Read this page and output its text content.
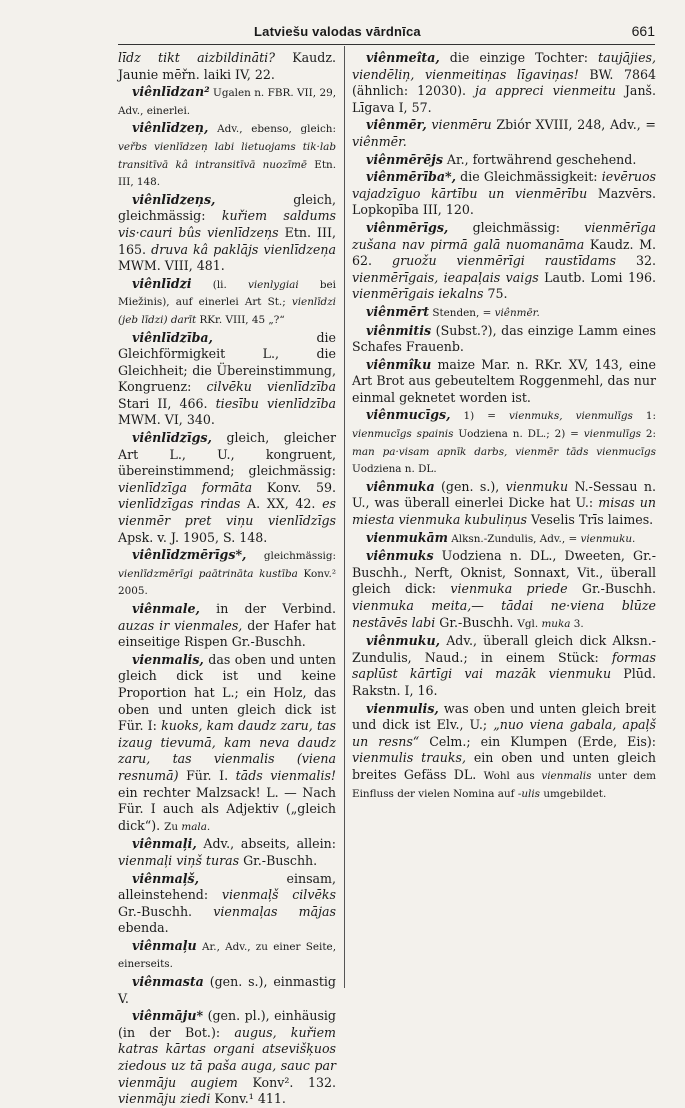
Latviešu valodas vārdnīca	661
līdz tikt aizbildināti? Kaudz. Jaunie mēřn. laiki IV, 22.
viênlīdzan² Ugalen n. FBR. VII, 29, Adv., einerlei.
viênlīdzeņ, Adv., ebenso, gleich: veřbs vienlīdzeņ labi lietuojams tik·lab transitīvā kâ intransitīvā nuozīmē Etn. III, 148.
viênlīdzeņs, gleich, gleichmässig: kuřiem saldums vis·cauri bûs vienlīdzeņs Etn. III, 165. druva kâ paklājs vienlīdzeņa MWM. VIII, 481.
viênlīdzi (li. vienlygiai bei Miežinis), auf einerlei Art St.; vienlīdzi (jeb līdzi) darīt RKr. VIII, 45 „?“
viênlīdzība, die Gleichförmigkeit L., die Gleichheit; die Übereinstimmung, Kongruenz: cilvēku vienlīdzība Stari II, 466. tiesību vienlīdzība MWM. VI, 340.
viênlīdzīgs, gleich, gleicher Art L., U., kongruent, übereinstimmend; gleichmässig: vienlīdzīga formāta Konv. 59. vienlīdzīgas rindas A. XX, 42. es vienmēr pret viņu vienlīdzīgs Apsk. v. J. 1905, S. 148.
viênlīdzmērīgs*, gleichmässig: vienlīdzmērīgi paātrināta kustība Konv.² 2005.
viênmale, in der Verbind. auzas ir vienmales, der Hafer hat einseitige Rispen Gr.-Buschh.
vienmalis, das oben und unten gleich dick ist und keine Proportion hat L.; ein Holz, das oben und unten gleich dick ist Für. I: kuoks, kam daudz zaru, tas izaug tievumā, kam neva daudz zaru, tas vienmalis (viena resnumā) Für. I. tāds vienmalis! ein rechter Malzsack! L. — Nach Für. I auch als Adjektiv („gleich dick“). Zu mala.
viênmaļi, Adv., abseits, allein: vienmaļi viņš turas Gr.-Buschh.
viênmaļš, einsam, alleinstehend: vienmaļš cilvēks Gr.-Buschh. vienmaļas mājas ebenda.
viênmaļu Ar., Adv., zu einer Seite, einerseits.
viênmasta (gen. s.), einmastig V.
viênmāju* (gen. pl.), einhäusig (in der Bot.): augus, kuřiem katras kārtas organi atsevišķuos ziedous uz tā paša auga, sauc par vienmāju augiem Konv². 132. vienmāju ziedi Konv.¹ 411.
viênmeîta, die einzige Tochter: taujājies, viendēliņ, vienmeitiņas līgaviņas! BW. 7864 (ähnlich: 12030). ja appreci vienmeitu Janš. Līgava I, 57.
viênmēr, vienmēru Zbiór XVIII, 248, Adv., = viênmēr.
viênmērējs Ar., fortwährend geschehend.
viênmērība*, die Gleichmässigkeit: ievēruos vajadzīguo kārtību un vienmērību Mazvērs. Lopkopība III, 120.
viênmērīgs, gleichmässig: vienmērīga zušana nav pirmā galā nuomanāma Kaudz. M. 62. gruožu vienmērīgi raustīdams 32. vienmērīgais, ieapaļais vaigs Lautb. Lomi 196. vienmērīgais iekalns 75.
viênmērt Stenden, = viênmēr.
viênmitis (Subst.?), das einzige Lamm eines Schafes Frauenb.
viênmîku maize Mar. n. RKr. XV, 143, eine Art Brot aus gebeuteltem Roggenmehl, das nur einmal geknetet worden ist.
viênmucīgs, 1) = vienmuks, vienmulīgs 1: vienmucīgs spainis Uodziena n. DL.; 2) = vienmulīgs 2: man pa·visam apnīk darbs, vienmēr tāds vienmucīgs Uodziena n. DL.
viênmuka (gen. s.), vienmuku N.-Sessau n. U., was überall einerlei Dicke hat U.: misas un miesta vienmuka kubuliņus Veselis Trīs laimes.
vienmukām Alksn.-Zundulis, Adv., = vienmuku.
viênmuks Uodziena n. DL., Dweeten, Gr.-Buschh., Nerft, Oknist, Sonnaxt, Vit., überall gleich dick: vienmuka priede Gr.-Buschh. vienmuka meita,— tādai ne·viena blūze nestāvēs labi Gr.-Buschh. Vgl. muka 3.
viênmuku, Adv., überall gleich dick Alksn.-Zundulis, Naud.; in einem Stück: formas saplūst kārtīgi vai mazāk vienmuku Plūd. Rakstn. I, 16.
vienmulis, was oben und unten gleich breit und dick ist Elv., U.; „nuo viena gabala, apaļš un resns“ Celm.; ein Klumpen (Erde, Eis): vienmulis trauks, ein oben und unten gleich breites Gefäss DL. Wohl aus vienmalis unter dem Einfluss der vielen Nomina auf -ulis umgebildet.
